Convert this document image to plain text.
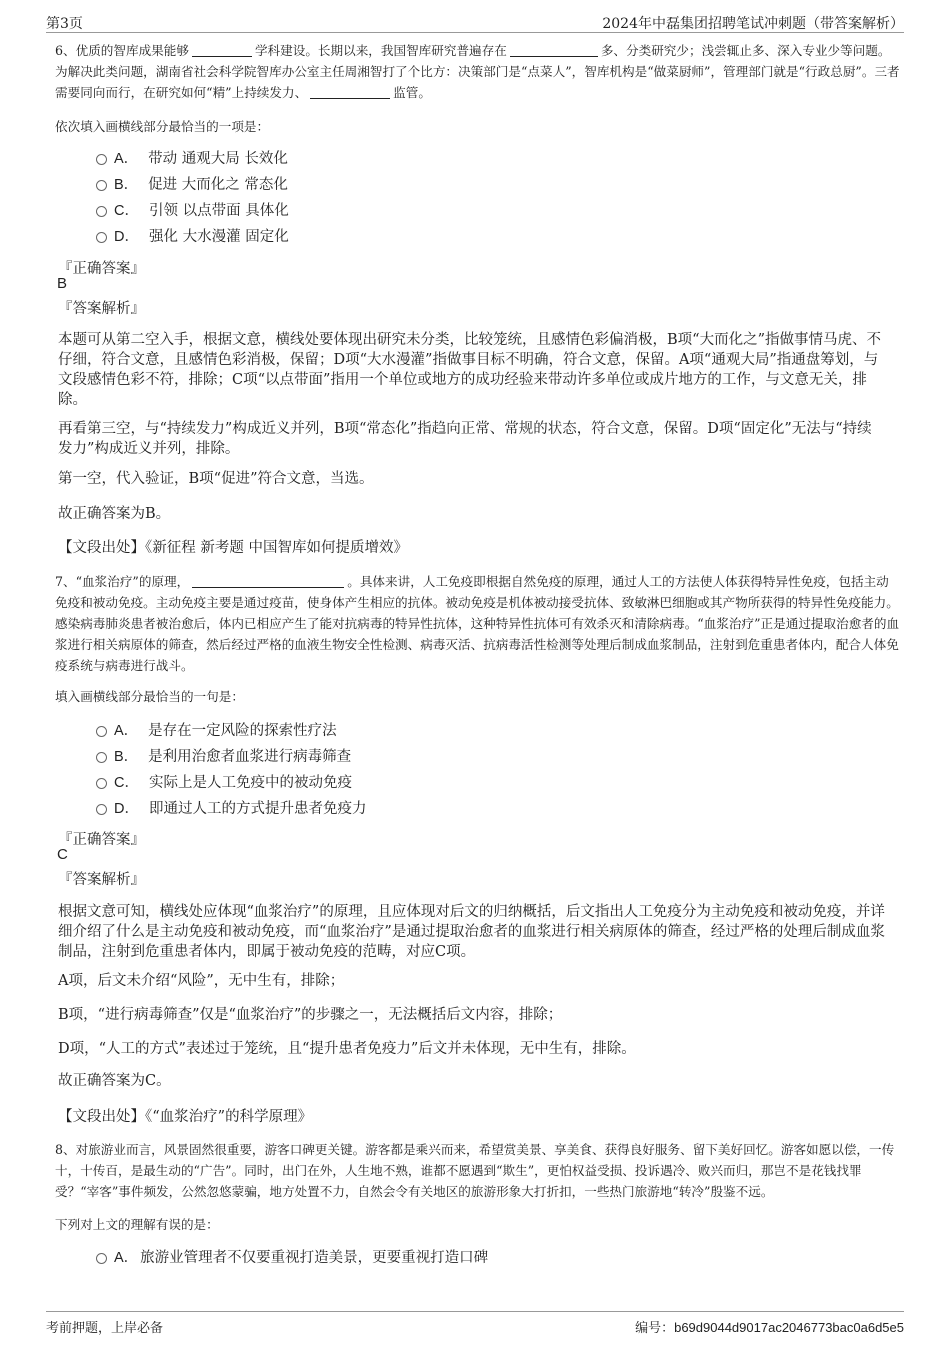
第3页	2024年中磊集团招聘笔试冲刺题（带答案解析）
6、优质的智库成果能够	学科建设。长期以来，我国智库研究普遍存在	多、分类研究少；浅尝辄止多、深入专业少等问题。为解决此类问题，湖南省社会科学院智库办公室主任周湘智打了个比方：决策部门是“点菜人”，智库机构是“做菜厨师”，管理部门就是“行政总厨”。三者需要同向而行，在研究如何“精”上持续发力、	监管。
依次填入画横线部分最恰当的一项是：
A． 带动 通观大局 长效化
B． 促进 大而化之 常态化
C． 引领 以点带面 具体化
D． 强化 大水漫灌 固定化
『正确答案』
B
『答案解析』
本题可从第二空入手，根据文意，横线处要体现出研究未分类，比较笼统，且感情色彩偏消极，B项“大而化之”指做事情马虎、不仔细，符合文意，且感情色彩消极，保留；D项“大水漫灌”指做事目标不明确，符合文意，保留。A项“通观大局”指通盘筹划，与文段感情色彩不符，排除；C项“以点带面”指用一个单位或地方的成功经验来带动许多单位或成片地方的工作，与文意无关，排除。
再看第三空，与“持续发力”构成近义并列，B项“常态化”指趋向正常、常规的状态，符合文意，保留。D项“固定化”无法与“持续发力”构成近义并列，排除。
第一空，代入验证，B项“促进”符合文意，当选。
故正确答案为B。
【文段出处】《新征程 新考题 中国智库如何提质增效》
7、“血浆治疗”的原理，	。具体来讲，人工免疫即根据自然免疫的原理，通过人工的方法使人体获得特异性免疫，包括主动免疫和被动免疫。主动免疫主要是通过疫苗，使身体产生相应的抗体。被动免疫是机体被动接受抗体、致敏淋巴细胞或其产物所获得的特异性免疫能力。感染病毒肺炎患者被治愈后，体内已相应产生了能对抗病毒的特异性抗体，这种特异性抗体可有效杀灭和清除病毒。“血浆治疗”正是通过提取治愈者的血浆进行相关病原体的筛查，然后经过严格的血液生物安全性检测、病毒灭活、抗病毒活性检测等处理后制成血浆制品，注射到危重患者体内，配合人体免疫系统与病毒进行战斗。
填入画横线部分最恰当的一句是：
A． 是存在一定风险的探索性疗法
B． 是利用治愈者血浆进行病毒筛查
C． 实际上是人工免疫中的被动免疫
D． 即通过人工的方式提升患者免疫力
『正确答案』
C
『答案解析』
根据文意可知，横线处应体现“血浆治疗”的原理，且应体现对后文的归纳概括，后文指出人工免疫分为主动免疫和被动免疫，并详细介绍了什么是主动免疫和被动免疫，而“血浆治疗”是通过提取治愈者的血浆进行相关病原体的筛查，经过严格的处理后制成血浆制品，注射到危重患者体内，即属于被动免疫的范畴，对应C项。
A项，后文未介绍“风险”，无中生有，排除；
B项，“进行病毒筛查”仅是“血浆治疗”的步骤之一，无法概括后文内容，排除；
D项，“人工的方式”表述过于笼统，且“提升患者免疫力”后文并未体现，无中生有，排除。
故正确答案为C。
【文段出处】《“血浆治疗”的科学原理》
8、对旅游业而言，风景固然很重要，游客口碑更关键。游客都是乘兴而来，希望赏美景、享美食、获得良好服务、留下美好回忆。游客如愿以偿，一传十，十传百，是最生动的“广告”。同时，出门在外，人生地不熟，谁都不愿遇到“欺生”，更怕权益受损、投诉遇冷、败兴而归，那岂不是花钱找罪受？“宰客”事件频发，公然忽悠蒙骗，地方处置不力，自然会令有关地区的旅游形象大打折扣，一些热门旅游地“转冷”殷鉴不远。
下列对上文的理解有误的是：
A． 旅游业管理者不仅要重视打造美景，更要重视打造口碑
考前押题，上岸必备	编号：b69d9044d9017ac2046773bac0a6d5e5
